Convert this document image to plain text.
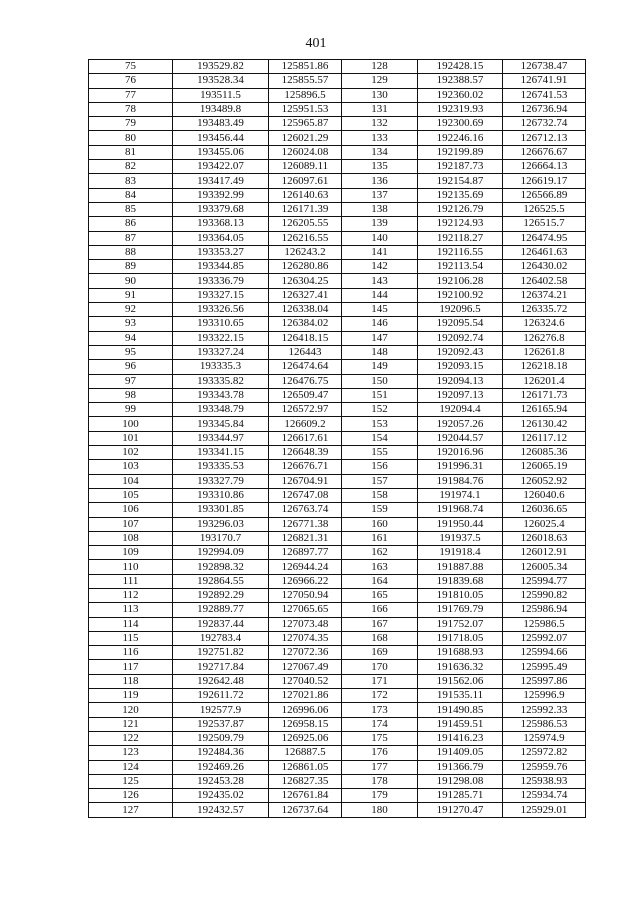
401
75	193529.82	125851.86	128	192428.15	126738.47
76	193528.34	125855.57	129	192388.57	126741.91
77	193511.5	125896.5	130	192360.02	126741.53
78	193489.8	125951.53	131	192319.93	126736.94
79	193483.49	125965.87	132	192300.69	126732.74
80	193456.44	126021.29	133	192246.16	126712.13
81	193455.06	126024.08	134	192199.89	126676.67
82	193422.07	126089.11	135	192187.73	126664.13
83	193417.49	126097.61	136	192154.87	126619.17
84	193392.99	126140.63	137	192135.69	126566.89
85	193379.68	126171.39	138	192126.79	126525.5
86	193368.13	126205.55	139	192124.93	126515.7
87	193364.05	126216.55	140	192118.27	126474.95
88	193353.27	126243.2	141	192116.55	126461.63
89	193344.85	126280.86	142	192113.54	126430.02
90	193336.79	126304.25	143	192106.28	126402.58
91	193327.15	126327.41	144	192100.92	126374.21
92	193326.56	126338.04	145	192096.5	126335.72
93	193310.65	126384.02	146	192095.54	126324.6
94	193322.15	126418.15	147	192092.74	126276.8
95	193327.24	126443	148	192092.43	126261.8
96	193335.3	126474.64	149	192093.15	126218.18
97	193335.82	126476.75	150	192094.13	126201.4
98	193343.78	126509.47	151	192097.13	126171.73
99	193348.79	126572.97	152	192094.4	126165.94
100	193345.84	126609.2	153	192057.26	126130.42
101	193344.97	126617.61	154	192044.57	126117.12
102	193341.15	126648.39	155	192016.96	126085.36
103	193335.53	126676.71	156	191996.31	126065.19
104	193327.79	126704.91	157	191984.76	126052.92
105	193310.86	126747.08	158	191974.1	126040.6
106	193301.85	126763.74	159	191968.74	126036.65
107	193296.03	126771.38	160	191950.44	126025.4
108	193170.7	126821.31	161	191937.5	126018.63
109	192994.09	126897.77	162	191918.4	126012.91
110	192898.32	126944.24	163	191887.88	126005.34
111	192864.55	126966.22	164	191839.68	125994.77
112	192892.29	127050.94	165	191810.05	125990.82
113	192889.77	127065.65	166	191769.79	125986.94
114	192837.44	127073.48	167	191752.07	125986.5
115	192783.4	127074.35	168	191718.05	125992.07
116	192751.82	127072.36	169	191688.93	125994.66
117	192717.84	127067.49	170	191636.32	125995.49
118	192642.48	127040.52	171	191562.06	125997.86
119	192611.72	127021.86	172	191535.11	125996.9
120	192577.9	126996.06	173	191490.85	125992.33
121	192537.87	126958.15	174	191459.51	125986.53
122	192509.79	126925.06	175	191416.23	125974.9
123	192484.36	126887.5	176	191409.05	125972.82
124	192469.26	126861.05	177	191366.79	125959.76
125	192453.28	126827.35	178	191298.08	125938.93
126	192435.02	126761.84	179	191285.71	125934.74
127	192432.57	126737.64	180	191270.47	125929.01
